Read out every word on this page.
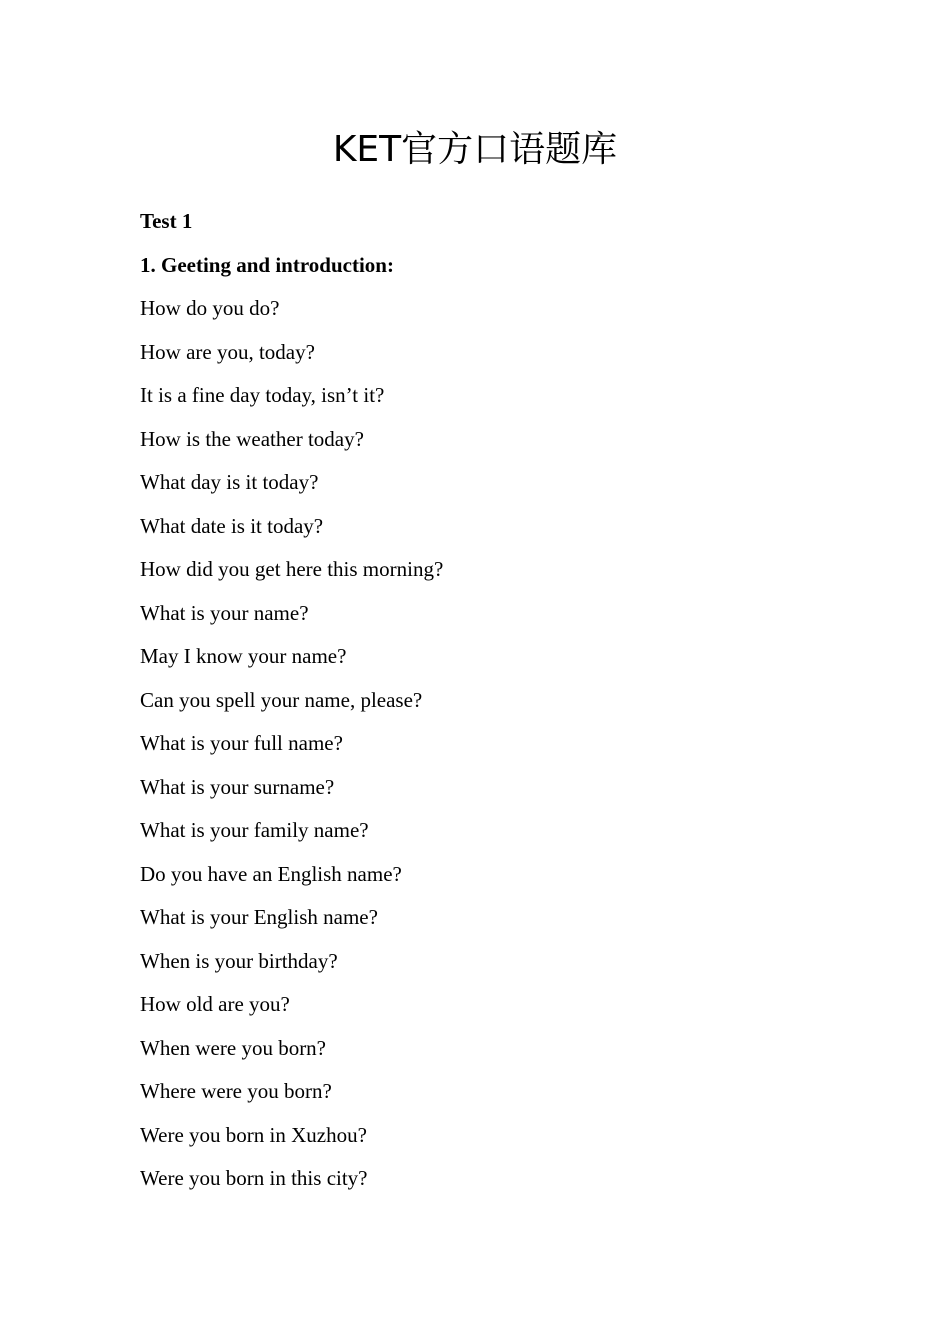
KET官方口语题库

Test 1

1. Geeting and introduction:

How do you do?

How are you, today?

It is a fine day today, isn’t it?

How is the weather today?

What day is it today?

What date is it today?

How did you get here this morning?

What is your name?

May I know your name?

Can you spell your name, please?

What is your full name?

What is your surname?

What is your family name?

Do you have an English name?

What is your English name?

When is your birthday?

How old are you?

When were you born?

Where were you born?

Were you born in Xuzhou?

Were you born in this city?
